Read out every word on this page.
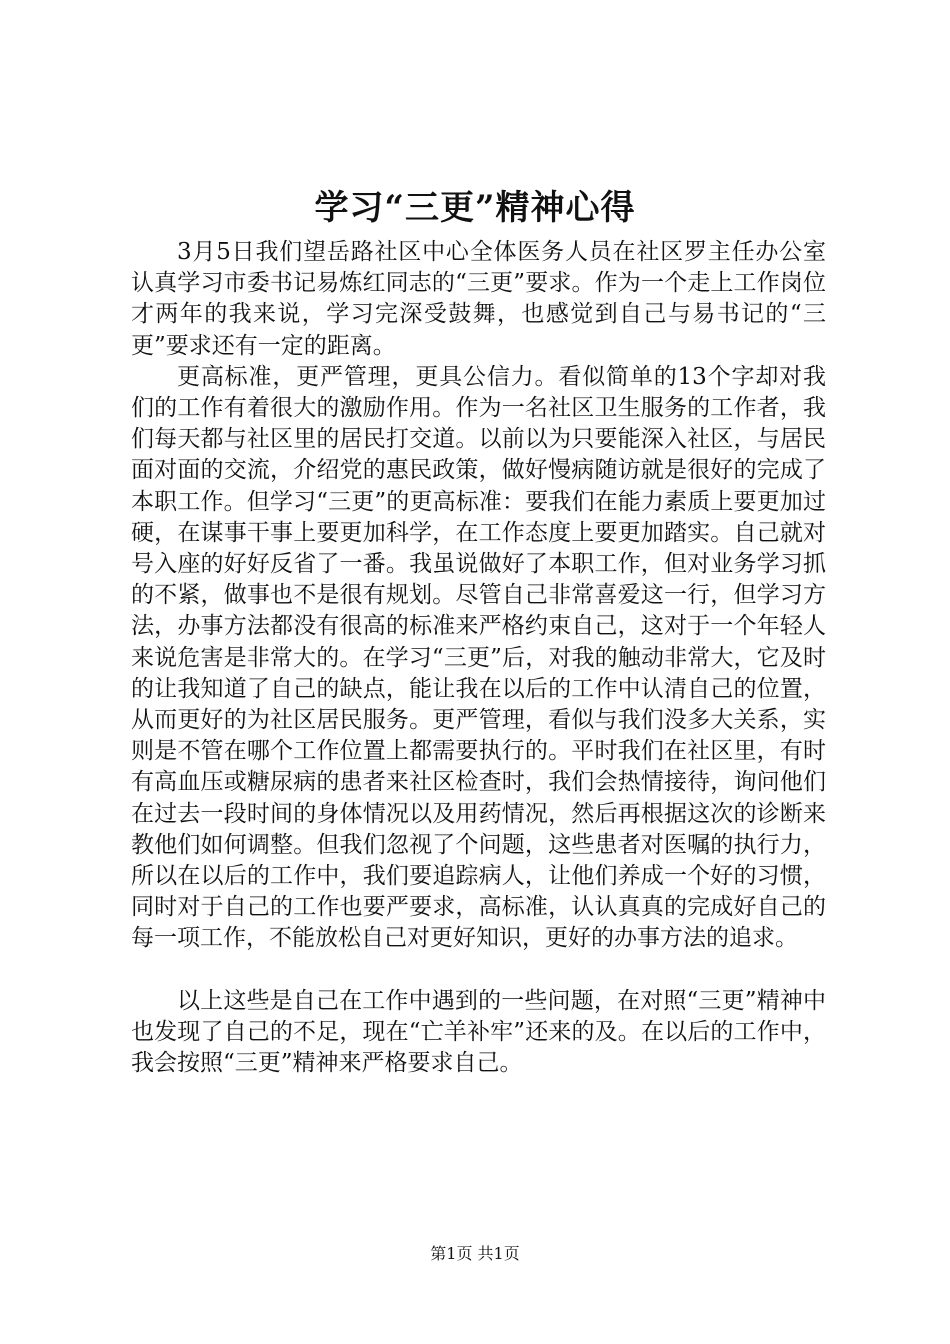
学习“三更”精神心得

3月5日我们望岳路社区中心全体医务人员在社区罗主任办公室认真学习市委书记易炼红同志的“三更”要求。作为一个走上工作岗位才两年的我来说，学习完深受鼓舞，也感觉到自己与易书记的“三更”要求还有一定的距离。

更高标准，更严管理，更具公信力。看似简单的13个字却对我们的工作有着很大的激励作用。作为一名社区卫生服务的工作者，我们每天都与社区里的居民打交道。以前以为只要能深入社区，与居民面对面的交流，介绍党的惠民政策，做好慢病随访就是很好的完成了本职工作。但学习“三更”的更高标准：要我们在能力素质上要更加过硬，在谋事干事上要更加科学，在工作态度上要更加踏实。自己就对号入座的好好反省了一番。我虽说做好了本职工作，但对业务学习抓的不紧，做事也不是很有规划。尽管自己非常喜爱这一行，但学习方法，办事方法都没有很高的标准来严格约束自己，这对于一个年轻人来说危害是非常大的。在学习“三更”后，对我的触动非常大，它及时的让我知道了自己的缺点，能让我在以后的工作中认清自己的位置，从而更好的为社区居民服务。更严管理，看似与我们没多大关系，实则是不管在哪个工作位置上都需要执行的。平时我们在社区里，有时有高血压或糖尿病的患者来社区检查时，我们会热情接待，询问他们在过去一段时间的身体情况以及用药情况，然后再根据这次的诊断来教他们如何调整。但我们忽视了个问题，这些患者对医嘱的执行力，所以在以后的工作中，我们要追踪病人，让他们养成一个好的习惯，同时对于自己的工作也要严要求，高标准，认认真真的完成好自己的每一项工作，不能放松自己对更好知识，更好的办事方法的追求。

以上这些是自己在工作中遇到的一些问题，在对照“三更”精神中也发现了自己的不足，现在“亡羊补牢”还来的及。在以后的工作中，我会按照“三更”精神来严格要求自己。

第1页 共1页
